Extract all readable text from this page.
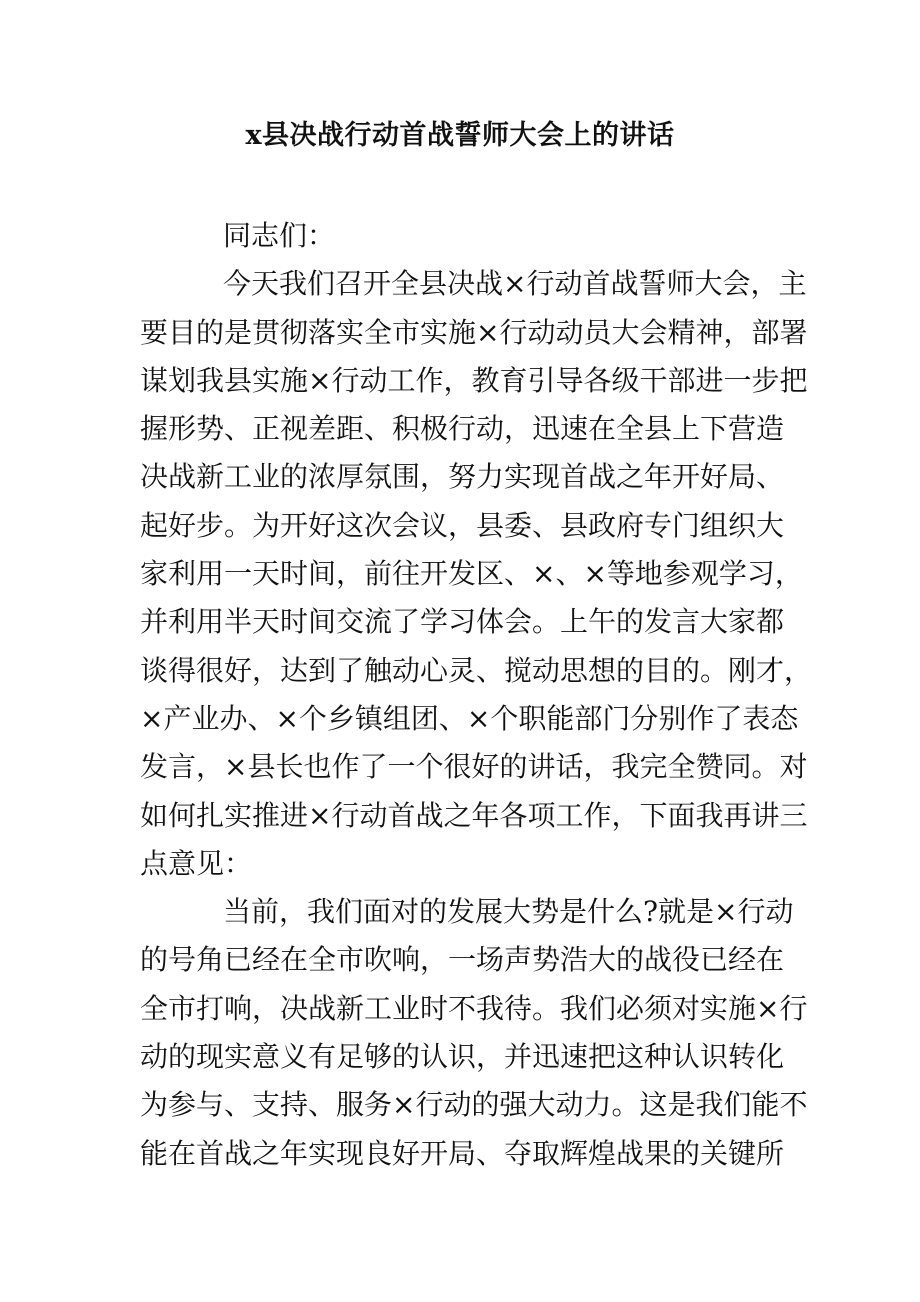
x县决战行动首战誓师大会上的讲话
同志们：
今天我们召开全县决战×行动首战誓师大会，主
要目的是贯彻落实全市实施×行动动员大会精神，部署
谋划我县实施×行动工作，教育引导各级干部进一步把
握形势、正视差距、积极行动，迅速在全县上下营造
决战新工业的浓厚氛围，努力实现首战之年开好局、
起好步。为开好这次会议，县委、县政府专门组织大
家利用一天时间，前往开发区、×、×等地参观学习，
并利用半天时间交流了学习体会。上午的发言大家都
谈得很好，达到了触动心灵、搅动思想的目的。刚才，
×产业办、×个乡镇组团、×个职能部门分别作了表态
发言，×县长也作了一个很好的讲话，我完全赞同。对
如何扎实推进×行动首战之年各项工作，下面我再讲三
点意见：
当前，我们面对的发展大势是什么?就是×行动
的号角已经在全市吹响，一场声势浩大的战役已经在
全市打响，决战新工业时不我待。我们必须对实施×行
动的现实意义有足够的认识，并迅速把这种认识转化
为参与、支持、服务×行动的强大动力。这是我们能不
能在首战之年实现良好开局、夺取辉煌战果的关键所
